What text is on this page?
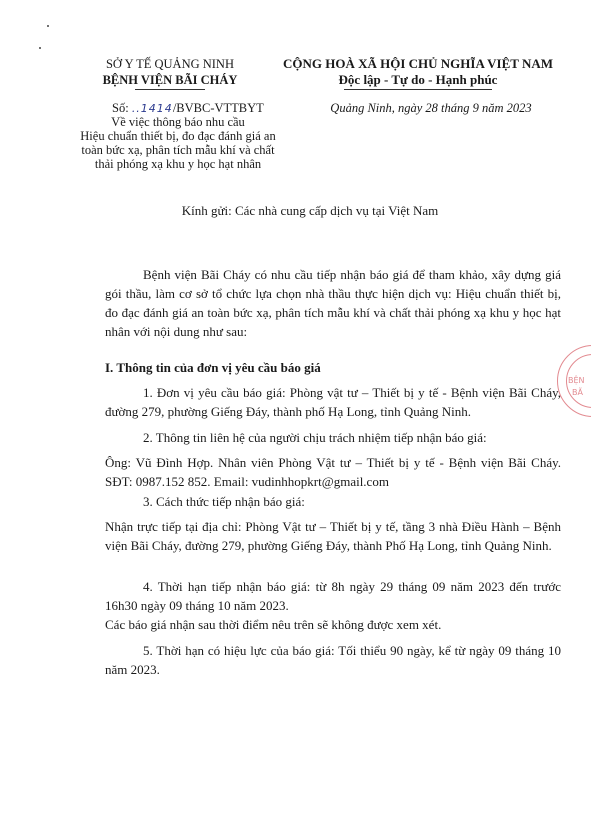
SỞ Y TẾ QUẢNG NINH
BỆNH VIỆN BÃI CHÁY
CỘNG HOÀ XÃ HỘI CHỦ NGHĨA VIỆT NAM
Độc lập - Tự do - Hạnh phúc
Số: ..1414/BVBC-VTTBYT	Quảng Ninh, ngày 28 tháng 9 năm 2023
Về việc thông báo nhu cầu
Hiệu chuẩn thiết bị, đo đạc đánh giá an
toàn bức xạ, phân tích mẫu khí và chất
thải phóng xạ khu y học hạt nhân
Kính gửi: Các nhà cung cấp dịch vụ tại Việt Nam
Bệnh viện Bãi Cháy có nhu cầu tiếp nhận báo giá để tham khảo, xây dựng giá gói thầu, làm cơ sở tổ chức lựa chọn nhà thầu thực hiện dịch vụ: Hiệu chuẩn thiết bị, đo đạc đánh giá an toàn bức xạ, phân tích mẫu khí và chất thải phóng xạ khu y học hạt nhân với nội dung như sau:
I. Thông tin của đơn vị yêu cầu báo giá
1. Đơn vị yêu cầu báo giá: Phòng vật tư – Thiết bị y tế - Bệnh viện Bãi Cháy, đường 279, phường Giếng Đáy, thành phố Hạ Long, tỉnh Quảng Ninh.
2. Thông tin liên hệ của người chịu trách nhiệm tiếp nhận báo giá:
Ông: Vũ Đình Hợp. Nhân viên Phòng Vật tư – Thiết bị y tế - Bệnh viện Bãi Cháy. SĐT: 0987.152 852. Email: vudinhhopkrt@gmail.com
3. Cách thức tiếp nhận báo giá:
Nhận trực tiếp tại địa chỉ: Phòng Vật tư – Thiết bị y tế, tầng 3 nhà Điều Hành – Bệnh viện Bãi Cháy, đường 279, phường Giếng Đáy, thành Phố Hạ Long, tỉnh Quảng Ninh.
4. Thời hạn tiếp nhận báo giá: từ 8h ngày 29 tháng 09 năm 2023 đến trước 16h30 ngày 09 tháng 10 năm 2023.
Các báo giá nhận sau thời điểm nêu trên sẽ không được xem xét.
5. Thời hạn có hiệu lực của báo giá: Tối thiểu 90 ngày, kể từ ngày 09 tháng 10 năm 2023.
BỆN
BÃ
